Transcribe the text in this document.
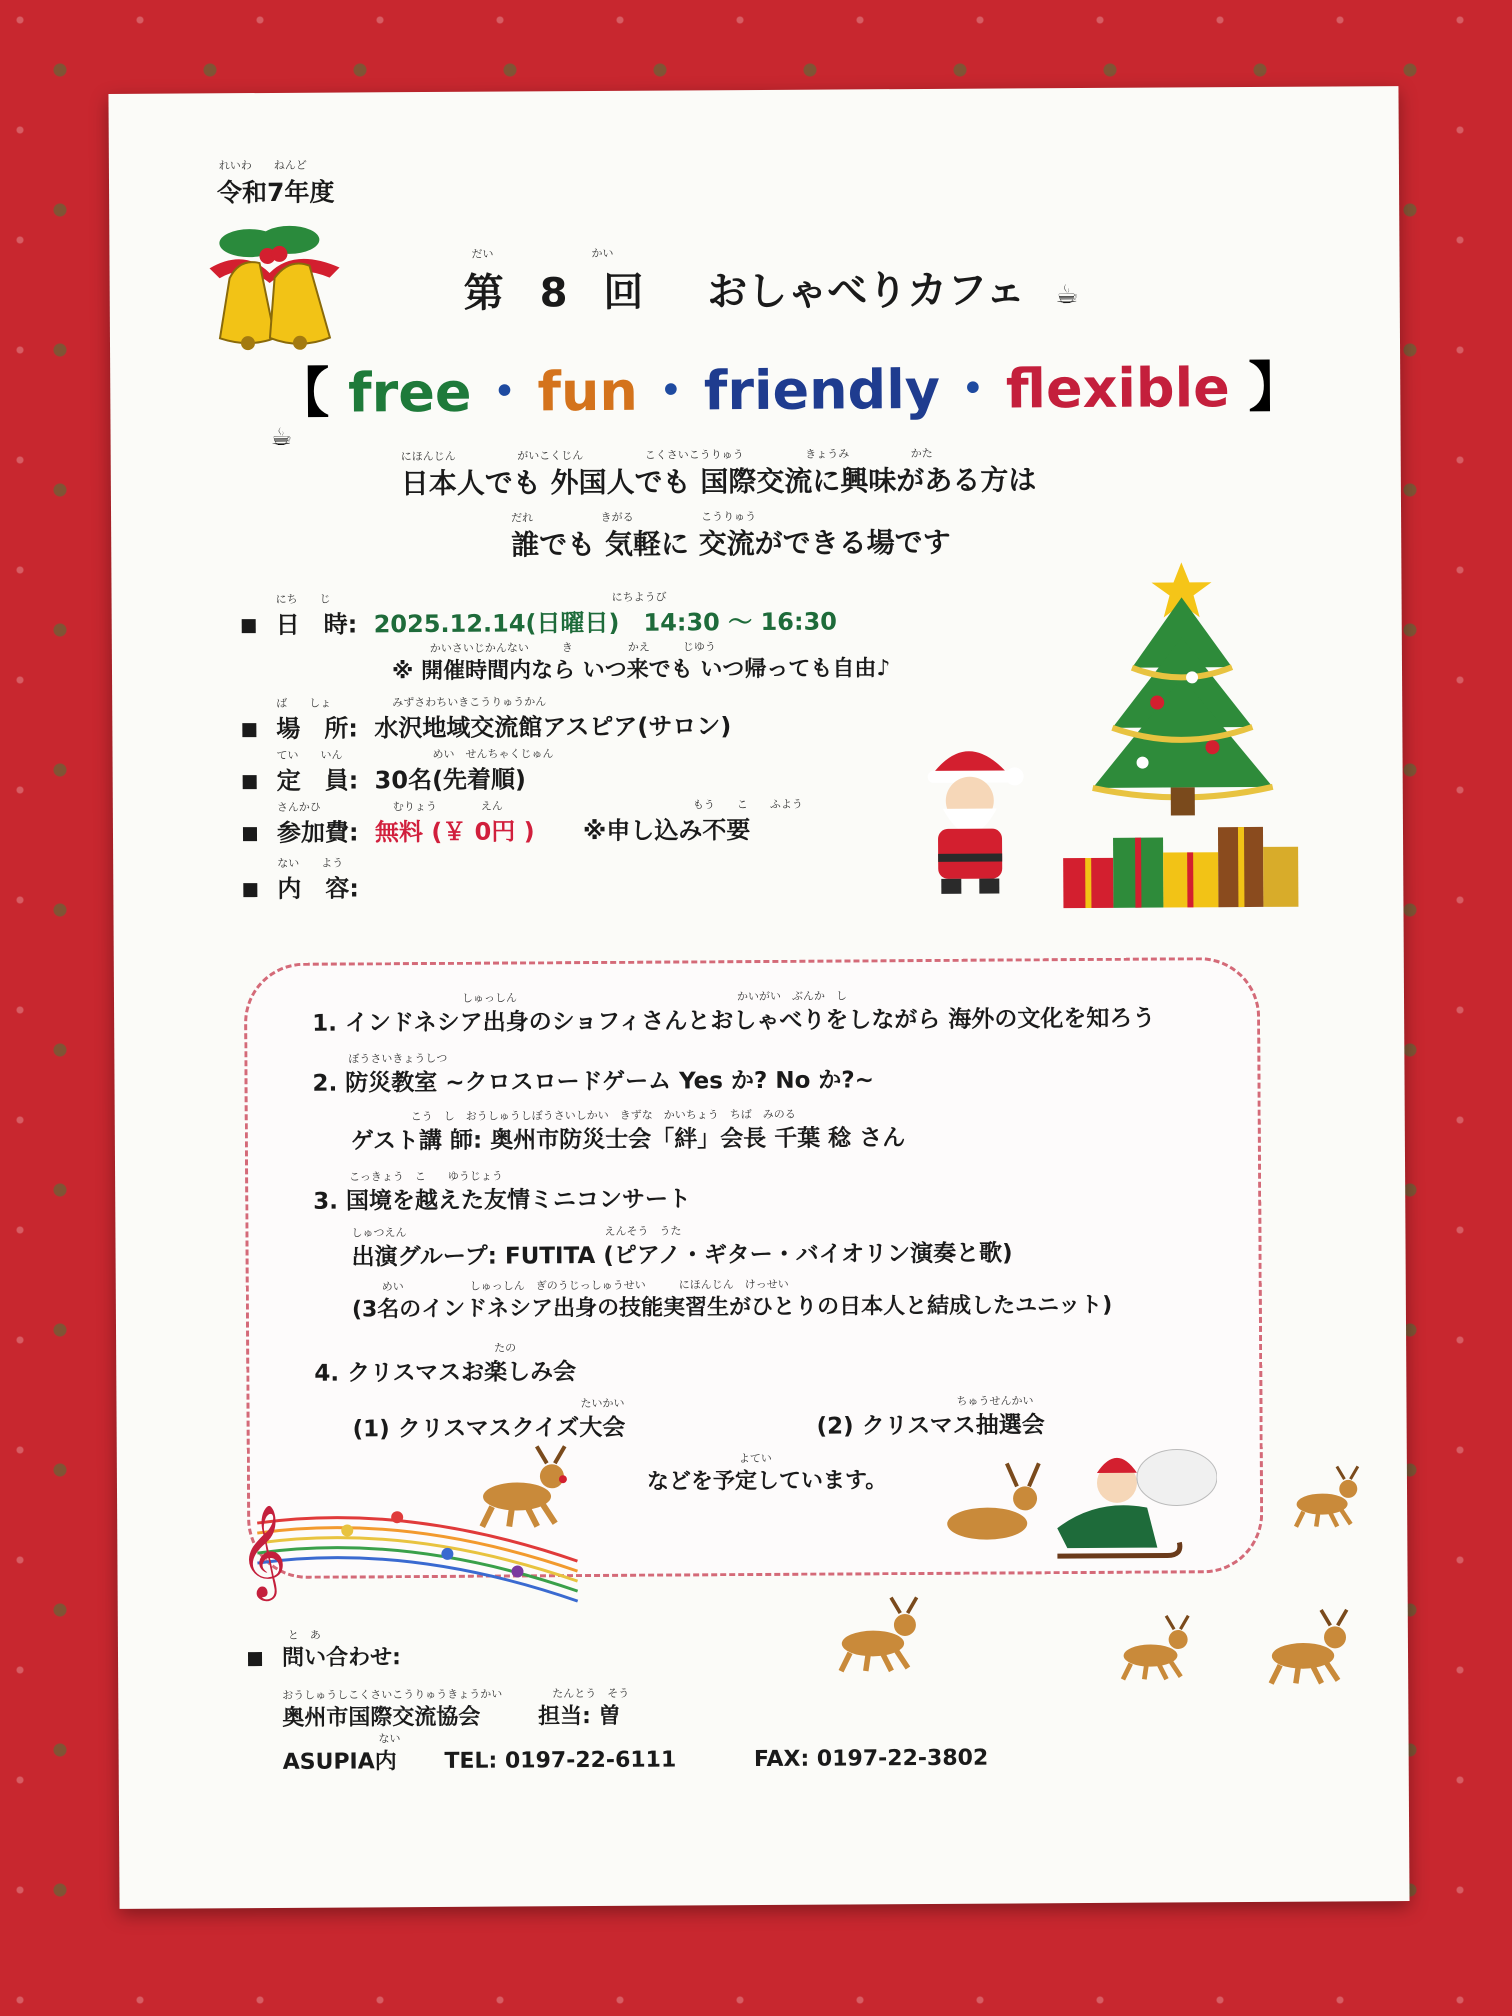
れいわ　　ねんど
令和7年度
だい	かい
第 8 回 おしゃべりカフェ ☕
【 free ・ fun ・ friendly ・ flexible 】
☕
にほんじん	がいこくじん	こくさいこうりゅう	きょうみ	かた
日本人でも 外国人でも 国際交流に興味がある方は
だれ	きがる	こうりゅう
誰でも 気軽に 交流ができる場です
にち　　じ	にちようび
日　時: 2025.12.14(日曜日)　14:30 ～ 16:30
かいさいじかんない　　　き　　　　　かえ　　　じゆう
※ 開催時間内なら いつ来でも いつ帰っても自由♪
ば　　しょ	みずさわちいきこうりゅうかん
場　所: 水沢地域交流館アスピア(サロン)
てい　　いん	めい　せんちゃくじゅん
定　員: 30名(先着順)
さんかひ	むりょう　　　　えん	もう　　こ　　ふよう
参加費: 無料 (￥ 0円 ) ※申し込み不要
ない　　よう
内　容:
しゅっしん　　　　　　　　　　　　　　　　　　　　かいがい　ぶんか　し
1. インドネシア出身のショフィさんとおしゃべりをしながら 海外の文化を知ろう
ぼうさいきょうしつ
2. 防災教室 ~クロスロードゲーム Yes か? No か?~
こう　し　おうしゅうしぼうさいしかい　きずな　かいちょう　ちば　みのる
ゲスト講 師: 奥州市防災士会「絆」会長 千葉 稔 さん
こっきょう　こ　　ゆうじょう
3. 国境を越えた友情ミニコンサート
しゅつえん　　　　　　　　　　　　　　　　　　えんそう　うた
出演グループ: FUTITA (ピアノ・ギター・バイオリン演奏と歌)
めい　　　　　　しゅっしん　ぎのうじっしゅうせい　　　にほんじん　けっせい
(3名のインドネシア出身の技能実習生がひとりの日本人と結成したユニット)
たの
4. クリスマスお楽しみ会
たいかい
(1) クリスマスクイズ大会
ちゅうせんかい
(2) クリスマス抽選会
よてい
などを予定しています。
𝄞
と　あ
問い合わせ:
おうしゅうしこくさいこうりゅうきょうかい	たんとう　そう
奥州市国際交流協会	担当: 曽
ない
ASUPIA内 TEL: 0197-22-6111	FAX: 0197-22-3802
